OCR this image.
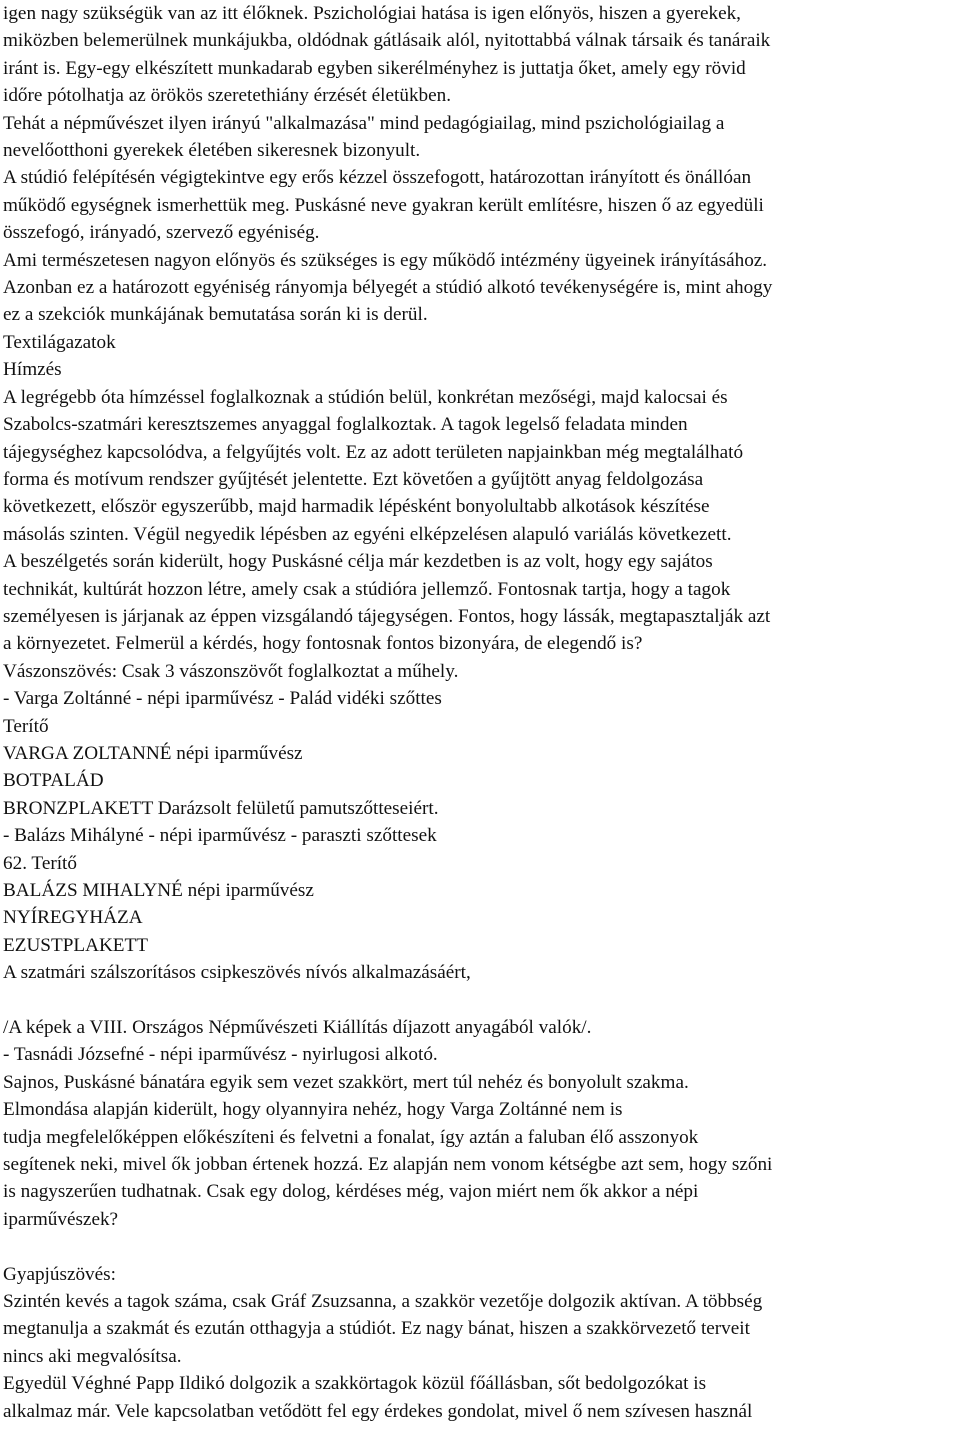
igen nagy szükségük van az itt élőknek. Pszichológiai hatása is igen előnyös, hiszen a gyerekek,
miközben belemerülnek munkájukba, oldódnak gátlásaik alól, nyitottabbá válnak társaik és tanáraik
iránt is. Egy-egy elkészített munkadarab egyben sikerélményhez is juttatja őket, amely egy rövid
időre pótolhatja az örökös szeretethiány érzését életükben.
Tehát a népművészet ilyen irányú "alkalmazása" mind pedagógiailag, mind pszichológiailag a
nevelőotthoni gyerekek életében sikeresnek bizonyult.
A stúdió felépítésén végigtekintve egy erős kézzel összefogott, határozottan irányított és önállóan
működő egységnek ismerhettük meg. Puskásné neve gyakran került említésre, hiszen ő az egyedüli
összefogó, irányadó, szervező egyéniség.
Ami természetesen nagyon előnyös és szükséges is egy működő intézmény ügyeinek irányításához.
Azonban ez a határozott egyéniség rányomja bélyegét a stúdió alkotó tevékenységére is, mint ahogy
ez a szekciók munkájának bemutatása során ki is derül.
Textilágazatok
Hímzés
A legrégebb óta hímzéssel foglalkoznak a stúdión belül, konkrétan mezőségi, majd kalocsai és
Szabolcs-szatmári keresztszemes anyaggal foglalkoztak. A tagok legelső feladata minden
tájegységhez kapcsolódva, a felgyűjtés volt. Ez az adott területen napjainkban még megtalálható
forma és motívum rendszer gyűjtését jelentette. Ezt követően a gyűjtött anyag feldolgozása
következett, először egyszerűbb, majd harmadik lépésként bonyolultabb alkotások készítése
másolás szinten. Végül negyedik lépésben az egyéni elképzelésen alapuló variálás következett.
A beszélgetés során kiderült, hogy Puskásné célja már kezdetben is az volt, hogy egy sajátos
technikát, kultúrát hozzon létre, amely csak a stúdióra jellemző. Fontosnak tartja, hogy a tagok
személyesen is járjanak az éppen vizsgálandó tájegységen. Fontos, hogy lássák, megtapasztalják azt
a környezetet. Felmerül a kérdés, hogy fontosnak fontos bizonyára, de elegendő is?
Vászonszövés: Csak 3 vászonszövőt foglalkoztat a műhely.
- Varga Zoltánné - népi iparművész - Palád vidéki szőttes
Terítő
VARGA ZOLTANNÉ népi iparművész
BOTPALÁD
BRONZPLAKETT Darázsolt felületű pamutszőtteseiért.
- Balázs Mihályné - népi iparművész - paraszti szőttesek
62. Terítő
BALÁZS MIHALYNÉ népi iparművész
NYÍREGYHÁZA
EZUSTPLAKETT
A szatmári szálszorításos csipkeszövés nívós alkalmazásáért,
/A képek a VIII. Országos Népművészeti Kiállítás díjazott anyagából valók/.
- Tasnádi Józsefné - népi iparművész - nyirlugosi alkotó.
Sajnos, Puskásné bánatára egyik sem vezet szakkört, mert túl nehéz és bonyolult szakma.
Elmondása alapján kiderült, hogy olyannyira nehéz, hogy Varga Zoltánné nem is
tudja megfelelőképpen előkészíteni és felvetni a fonalat, így aztán a faluban élő asszonyok
segítenek neki, mivel ők jobban értenek hozzá. Ez alapján nem vonom kétségbe azt sem, hogy szőni
is nagyszerűen tudhatnak. Csak egy dolog, kérdéses még, vajon miért nem ők akkor a népi
iparművészek?
Gyapjúszövés:
Szintén kevés a tagok száma, csak Gráf Zsuzsanna, a szakkör vezetője dolgozik aktívan. A többség
megtanulja a szakmát és ezután otthagyja a stúdiót. Ez nagy bánat, hiszen a szakkörvezető terveit
nincs aki megvalósítsa.
Egyedül Véghné Papp Ildikó dolgozik a szakkörtagok közül főállásban, sőt bedolgozókat is
alkalmaz már. Vele kapcsolatban vetődött fel egy érdekes gondolat, mivel ő nem szívesen használ
